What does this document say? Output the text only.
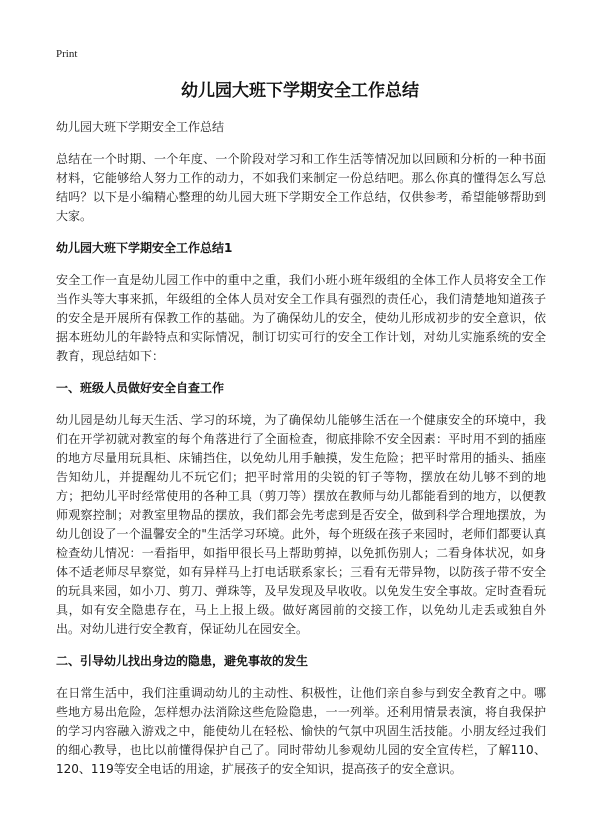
Print
幼儿园大班下学期安全工作总结

幼儿园大班下学期安全工作总结

总结在一个时期、一个年度、一个阶段对学习和工作生活等情况加以回顾和分析的一种书面材料，它能够给人努力工作的动力，不如我们来制定一份总结吧。那么你真的懂得怎么写总结吗？以下是小编精心整理的幼儿园大班下学期安全工作总结，仅供参考，希望能够帮助到大家。

幼儿园大班下学期安全工作总结1

安全工作一直是幼儿园工作中的重中之重，我们小班小班年级组的全体工作人员将安全工作当作头等大事来抓，年级组的全体人员对安全工作具有强烈的责任心，我们清楚地知道孩子的安全是开展所有保教工作的基础。为了确保幼儿的安全，使幼儿形成初步的安全意识，依据本班幼儿的年龄特点和实际情况，制订切实可行的安全工作计划，对幼儿实施系统的安全教育，现总结如下：

一、班级人员做好安全自查工作

幼儿园是幼儿每天生活、学习的环境，为了确保幼儿能够生活在一个健康安全的环境中，我们在开学初就对教室的每个角落进行了全面检查，彻底排除不安全因素：平时用不到的插座的地方尽量用玩具柜、床铺挡住，以免幼儿用手触摸，发生危险；把平时常用的插头、插座告知幼儿，并提醒幼儿不玩它们；把平时常用的尖锐的钉子等物，摆放在幼儿够不到的地方；把幼儿平时经常使用的各种工具（剪刀等）摆放在教师与幼儿都能看到的地方，以便教师观察控制；对教室里物品的摆放，我们都会先考虑到是否安全，做到科学合理地摆放，为幼儿创设了一个温馨安全的"生活学习环境。此外，每个班级在孩子来园时，老师们都要认真检查幼儿情况：一看指甲，如指甲很长马上帮助剪掉，以免抓伤别人；二看身体状况，如身体不适老师尽早察觉，如有异样马上打电话联系家长；三看有无带异物，以防孩子带不安全的玩具来园，如小刀、剪刀、弹珠等，及早发现及早收收。以免发生安全事故。定时查看玩具，如有安全隐患存在，马上上报上级。做好离园前的交接工作，以免幼儿走丢或独自外出。对幼儿进行安全教育，保证幼儿在园安全。

二、引导幼儿找出身边的隐患，避免事故的发生

在日常生活中，我们注重调动幼儿的主动性、积极性，让他们亲自参与到安全教育之中。哪些地方易出危险，怎样想办法消除这些危险隐患，一一列举。还利用情景表演，将自我保护的学习内容融入游戏之中，能使幼儿在轻松、愉快的气氛中巩固生活技能。小朋友经过我们的细心教导，也比以前懂得保护自己了。同时带幼儿参观幼儿园的安全宣传栏，了解110、120、119等安全电话的用途，扩展孩子的安全知识，提高孩子的安全意识。
